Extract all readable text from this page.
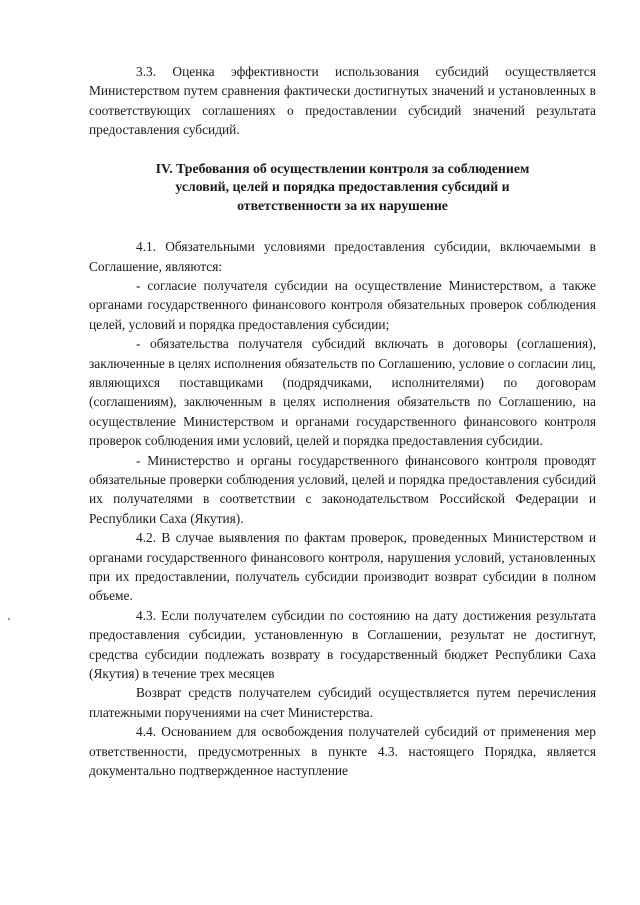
3.3. Оценка эффективности использования субсидий осуществляется Министерством путем сравнения фактически достигнутых значений и установленных в соответствующих соглашениях о предоставлении субсидий значений результата предоставления субсидий.

IV. Требования об осуществлении контроля за соблюдением
условий, целей и порядка предоставления субсидий и
ответственности за их нарушение

4.1. Обязательными условиями предоставления субсидии, включаемыми в Соглашение, являются:

- согласие получателя субсидии на осуществление Министерством, а также органами государственного финансового контроля обязательных проверок соблюдения целей, условий и порядка предоставления субсидии;

- обязательства получателя субсидий включать в договоры (соглашения), заключенные в целях исполнения обязательств по Соглашению, условие о согласии лиц, являющихся поставщиками (подрядчиками, исполнителями) по договорам (соглашениям), заключенным в целях исполнения обязательств по Соглашению, на осуществление Министерством и органами государственного финансового контроля проверок соблюдения ими условий, целей и порядка предоставления субсидии.

- Министерство и органы государственного финансового контроля проводят обязательные проверки соблюдения условий, целей и порядка предоставления субсидий их получателями в соответствии с законодательством Российской Федерации и Республики Саха (Якутия).

4.2. В случае выявления по фактам проверок, проведенных Министерством и органами государственного финансового контроля, нарушения условий, установленных при их предоставлении, получатель субсидии производит возврат субсидии в полном объеме.

4.3. Если получателем субсидии по состоянию на дату достижения результата предоставления субсидии, установленную в Соглашении, результат не достигнут, средства субсидии подлежать возврату в государственный бюджет Республики Саха (Якутия) в течение трех месяцев

Возврат средств получателем субсидий осуществляется путем перечисления платежными поручениями на счет Министерства.

4.4. Основанием для освобождения получателей субсидий от применения мер ответственности, предусмотренных в пункте 4.3. настоящего Порядка, является документально подтвержденное наступление
